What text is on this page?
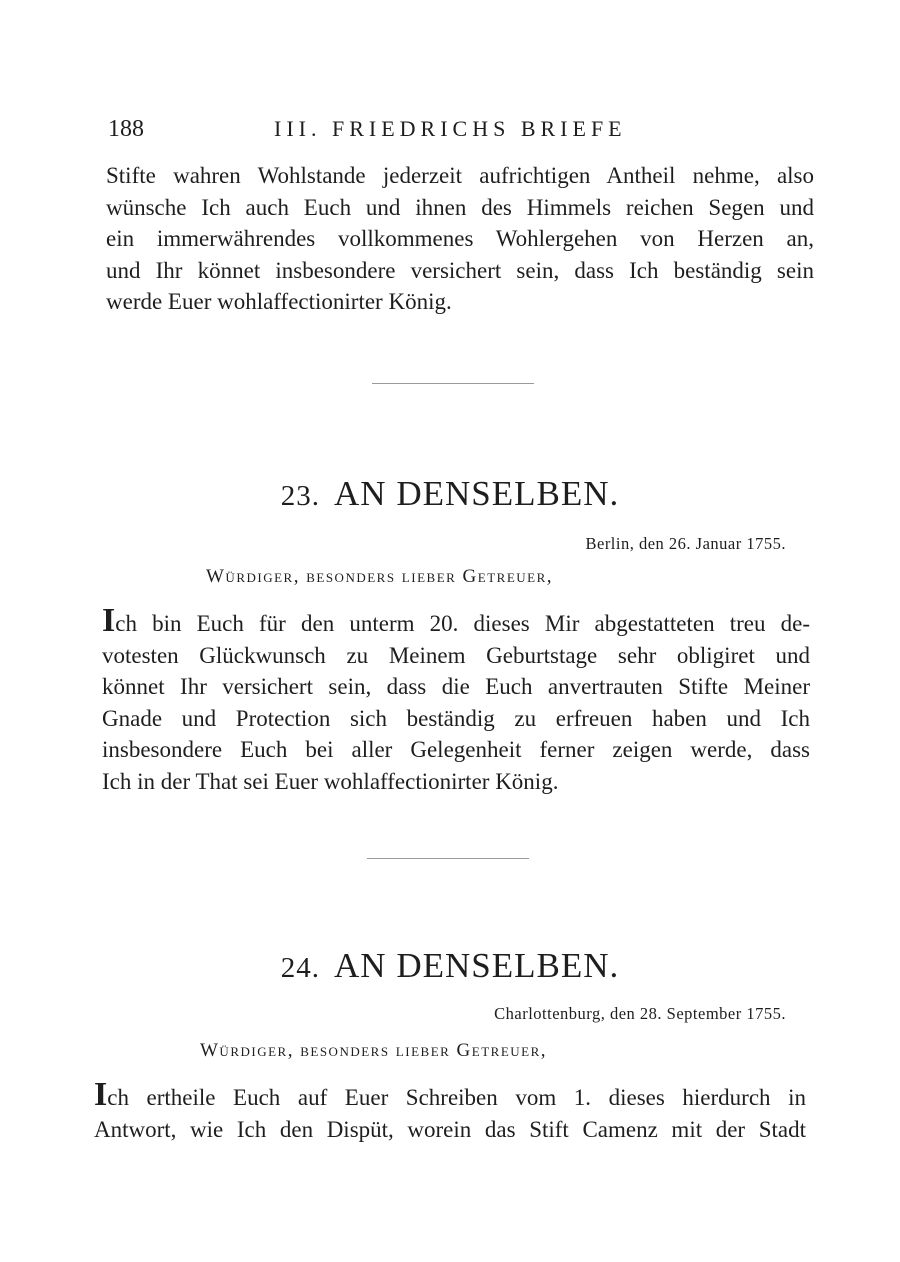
188	III. FRIEDRICHS BRIEFE
Stifte wahren Wohlstande jederzeit aufrichtigen Antheil nehme, also
wünsche Ich auch Euch und ihnen des Himmels reichen Segen und
ein immerwährendes vollkommenes Wohlergehen von Herzen an,
und Ihr könnet insbesondere versichert sein, dass Ich beständig sein
werde Euer wohlaffectionirter König.
23. AN DENSELBEN.
Berlin, den 26. Januar 1755.
Würdiger, besonders lieber Getreuer,
Ich bin Euch für den unterm 20. dieses Mir abgestatteten treu de-
votesten Glückwunsch zu Meinem Geburtstage sehr obligiret und
könnet Ihr versichert sein, dass die Euch anvertrauten Stifte Meiner
Gnade und Protection sich beständig zu erfreuen haben und Ich
insbesondere Euch bei aller Gelegenheit ferner zeigen werde, dass
Ich in der That sei Euer wohlaffectionirter König.
24. AN DENSELBEN.
Charlottenburg, den 28. September 1755.
Würdiger, besonders lieber Getreuer,
Ich ertheile Euch auf Euer Schreiben vom 1. dieses hierdurch in
Antwort, wie Ich den Dispüt, worein das Stift Camenz mit der Stadt
